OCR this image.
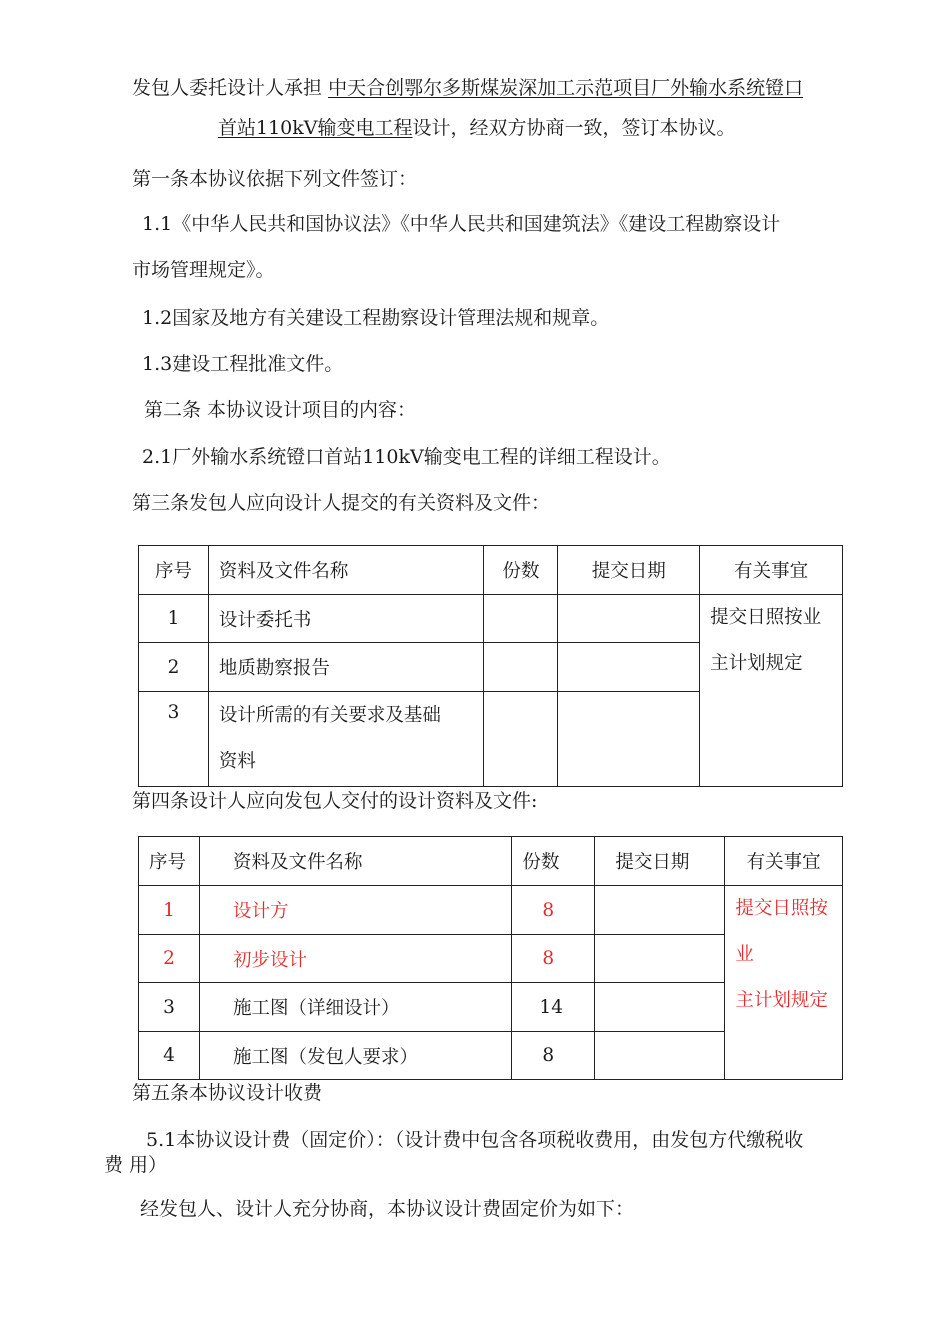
发包人委托设计人承担 中天合创鄂尔多斯煤炭深加工示范项目厂外输水系统镫口
首站110kV输变电工程设计，经双方协商一致，签订本协议。
第一条本协议依据下列文件签订：
1.1《中华人民共和国协议法》《中华人民共和国建筑法》《建设工程勘察设计
市场管理规定》。
1.2国家及地方有关建设工程勘察设计管理法规和规章。
1.3建设工程批准文件。
第二条 本协议设计项目的内容：
2.1厂外输水系统镫口首站110kV输变电工程的详细工程设计。
第三条发包人应向设计人提交的有关资料及文件：
序号	资料及文件名称	份数	提交日期	有关事宜
1	设计委托书			提交日照按业
主计划规定

2	地质勘察报告			
3	设计所需的有关要求及基础
资料			

第四条设计人应向发包人交付的设计资料及文件:
序号	资料及文件名称	份数	提交日期	有关事宜
1	设计方	8		提交日照按业
主计划规定

2	初步设计	8		
3	施工图（详细设计）	14		
4	施工图（发包人要求）	8		
第五条本协议设计收费
5.1本协议设计费（固定价）：（设计费中包含各项税收费用，由发包方代缴税收
费 用）
经发包人、设计人充分协商，本协议设计费固定价为如下：
